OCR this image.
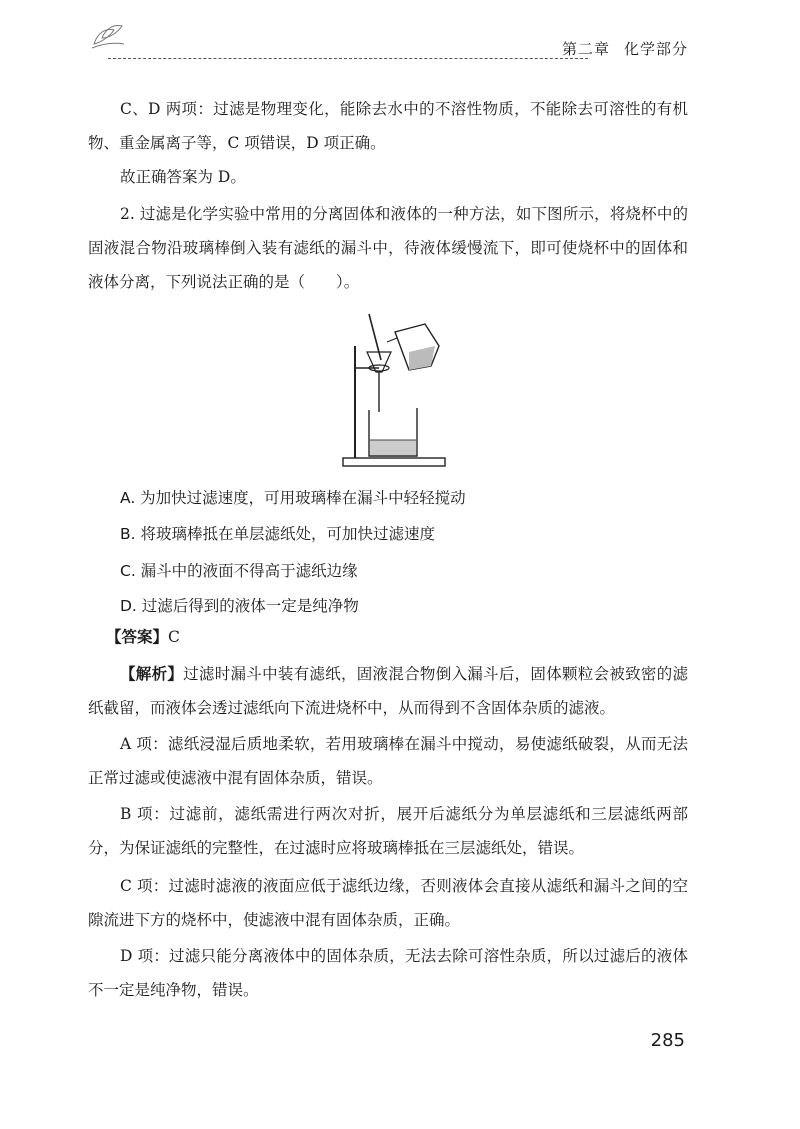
第二章 化学部分
C、D 两项：过滤是物理变化，能除去水中的不溶性物质，不能除去可溶性的有机物、重金属离子等，C 项错误，D 项正确。
故正确答案为 D。
2. 过滤是化学实验中常用的分离固体和液体的一种方法，如下图所示，将烧杯中的固液混合物沿玻璃棒倒入装有滤纸的漏斗中，待液体缓慢流下，即可使烧杯中的固体和液体分离，下列说法正确的是（　　）。
A. 为加快过滤速度，可用玻璃棒在漏斗中轻轻搅动
B. 将玻璃棒抵在单层滤纸处，可加快过滤速度
C. 漏斗中的液面不得高于滤纸边缘
D. 过滤后得到的液体一定是纯净物
【答案】C
【解析】过滤时漏斗中装有滤纸，固液混合物倒入漏斗后，固体颗粒会被致密的滤纸截留，而液体会透过滤纸向下流进烧杯中，从而得到不含固体杂质的滤液。
A 项：滤纸浸湿后质地柔软，若用玻璃棒在漏斗中搅动，易使滤纸破裂，从而无法正常过滤或使滤液中混有固体杂质，错误。
B 项：过滤前，滤纸需进行两次对折，展开后滤纸分为单层滤纸和三层滤纸两部分，为保证滤纸的完整性，在过滤时应将玻璃棒抵在三层滤纸处，错误。
C 项：过滤时滤液的液面应低于滤纸边缘，否则液体会直接从滤纸和漏斗之间的空隙流进下方的烧杯中，使滤液中混有固体杂质，正确。
D 项：过滤只能分离液体中的固体杂质，无法去除可溶性杂质，所以过滤后的液体不一定是纯净物，错误。
285
